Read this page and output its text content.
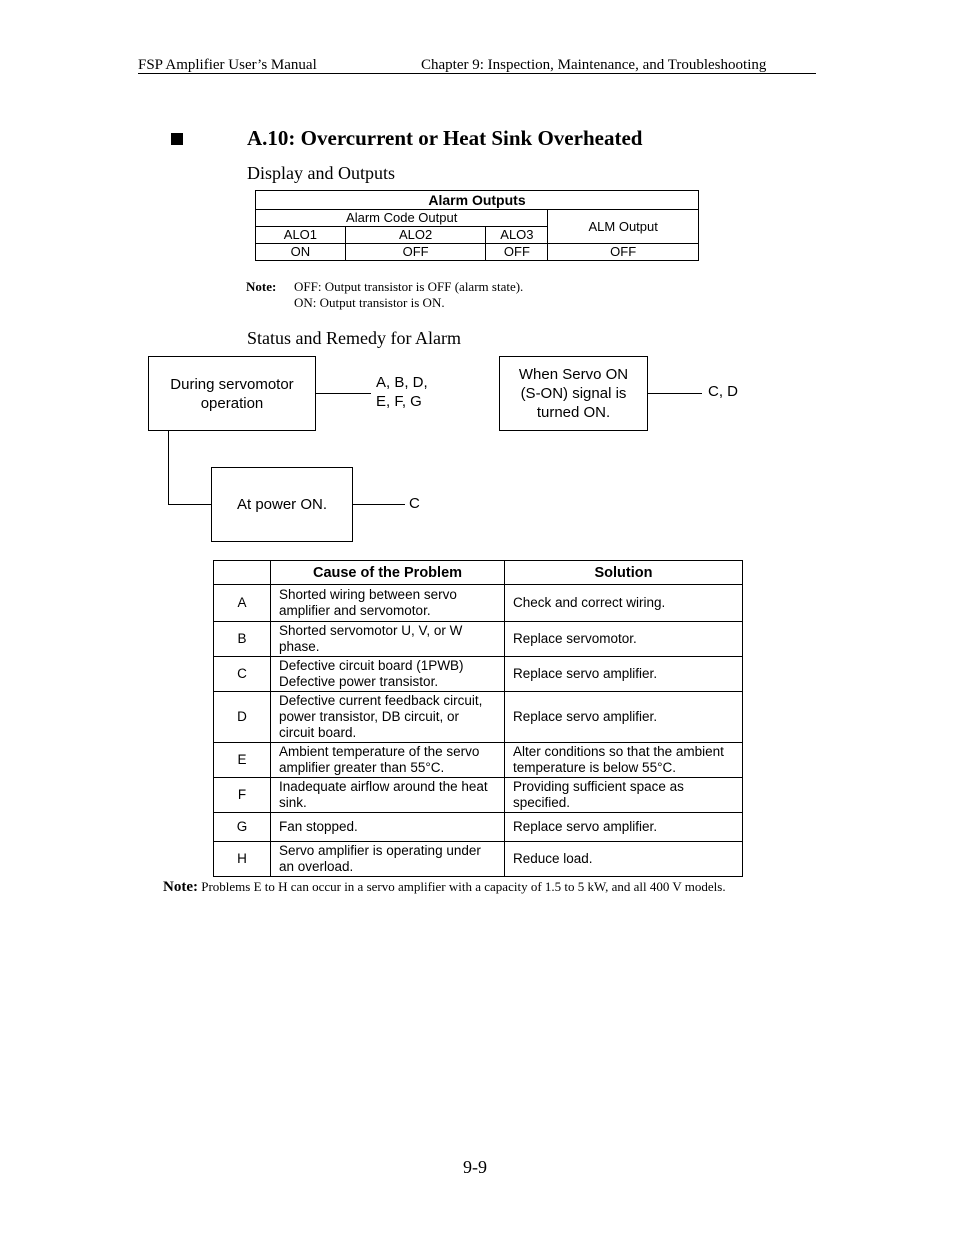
FSP Amplifier User’s Manual	Chapter 9: Inspection, Maintenance, and Troubleshooting
A.10: Overcurrent or Heat Sink Overheated
Display and Outputs
Alarm Outputs			
Alarm Code Output			ALM Output
ALO1	ALO2	ALO3	
ON	OFF	OFF	OFF
Note: OFF: Output transistor is OFF (alarm state).
ON: Output transistor is ON.
Status and Remedy for Alarm
During servomotor operation
A, B, D,
E, F, G
When Servo ON (S-ON) signal is turned ON.
C, D
At power ON.	C
	Cause of the Problem	Solution
A	Shorted wiring between servo amplifier and servomotor.	Check and correct wiring.
B	Shorted servomotor U, V, or W phase.	Replace servomotor.
C	Defective circuit board (1PWB) Defective power transistor.	Replace servo amplifier.
D	Defective current feedback circuit, power transistor, DB circuit, or circuit board.	Replace servo amplifier.
E	Ambient temperature of the servo amplifier greater than 55°C.	Alter conditions so that the ambient temperature is below 55°C.
F	Inadequate airflow around the heat sink.	Providing sufficient space as specified.
G	Fan stopped.	Replace servo amplifier.
H	Servo amplifier is operating under an overload.	Reduce load.
Note: Problems E to H can occur in a servo amplifier with a capacity of 1.5 to 5 kW, and all 400 V models.
9-9
